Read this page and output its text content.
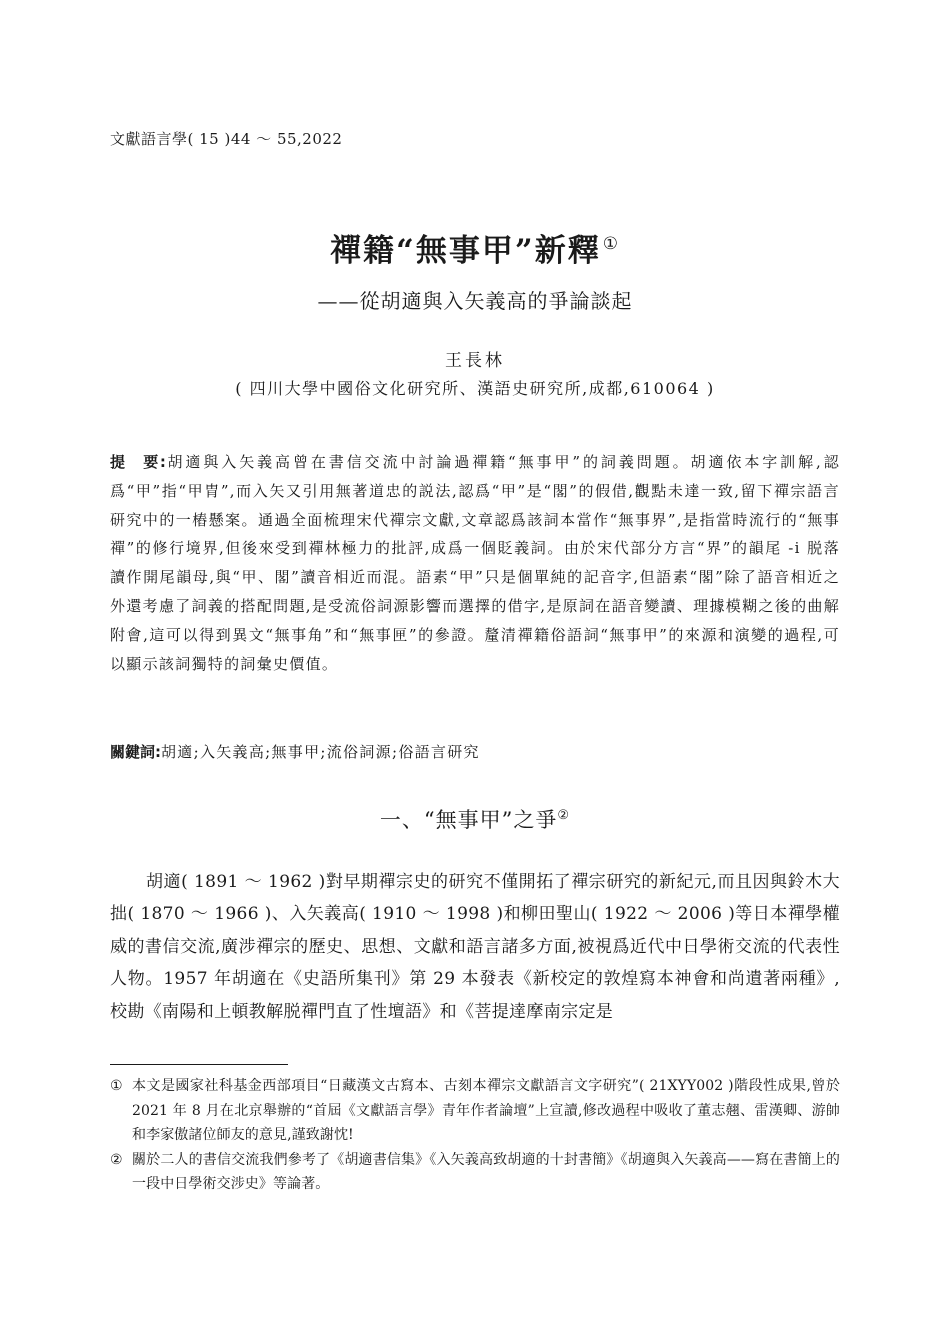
文獻語言學( 15 )44 ～ 55,2022
禪籍“無事甲”新釋 ①
——從胡適與入矢義高的爭論談起
王長林
( 四川大學中國俗文化研究所、漢語史研究所,成都,610064 )
提　要:胡適與入矢義高曾在書信交流中討論過禪籍“無事甲”的詞義問題。胡適依本字訓解,認爲“甲”指“甲胄”,而入矢又引用無著道忠的説法,認爲“甲”是“閣”的假借,觀點未達一致,留下禪宗語言研究中的一樁懸案。通過全面梳理宋代禪宗文獻,文章認爲該詞本當作“無事界”,是指當時流行的“無事禪”的修行境界,但後來受到禪林極力的批評,成爲一個貶義詞。由於宋代部分方言“界”的韻尾 -i 脱落讀作開尾韻母,與“甲、閣”讀音相近而混。語素“甲”只是個單純的記音字,但語素“閣”除了語音相近之外還考慮了詞義的搭配問題,是受流俗詞源影響而選擇的借字,是原詞在語音變讀、理據模糊之後的曲解附會,這可以得到異文“無事角”和“無事匣”的參證。釐清禪籍俗語詞“無事甲”的來源和演變的過程,可以顯示該詞獨特的詞彙史價值。
關鍵詞:胡適;入矢義高;無事甲;流俗詞源;俗語言研究
一、“無事甲”之爭②
胡適( 1891 ～ 1962 )對早期禪宗史的研究不僅開拓了禪宗研究的新紀元,而且因與鈴木大拙( 1870 ～ 1966 )、入矢義高( 1910 ～ 1998 )和柳田聖山( 1922 ～ 2006 )等日本禪學權威的書信交流,廣涉禪宗的歷史、思想、文獻和語言諸多方面,被視爲近代中日學術交流的代表性人物。1957 年胡適在《史語所集刊》第 29 本發表《新校定的敦煌寫本神會和尚遺著兩種》,校勘《南陽和上頓教解脱禪門直了性壇語》和《菩提達摩南宗定是
① 本文是國家社科基金西部項目“日藏漢文古寫本、古刻本禪宗文獻語言文字研究”( 21XYY002 )階段性成果,曾於 2021 年 8 月在北京舉辦的“首屆《文獻語言學》青年作者論壇”上宣讀,修改過程中吸收了董志翹、雷漢卿、游帥和李家傲諸位師友的意見,謹致謝忱!
② 關於二人的書信交流我們參考了《胡適書信集》《入矢義高致胡適的十封書簡》《胡適與入矢義高——寫在書簡上的一段中日學術交涉史》等論著。
